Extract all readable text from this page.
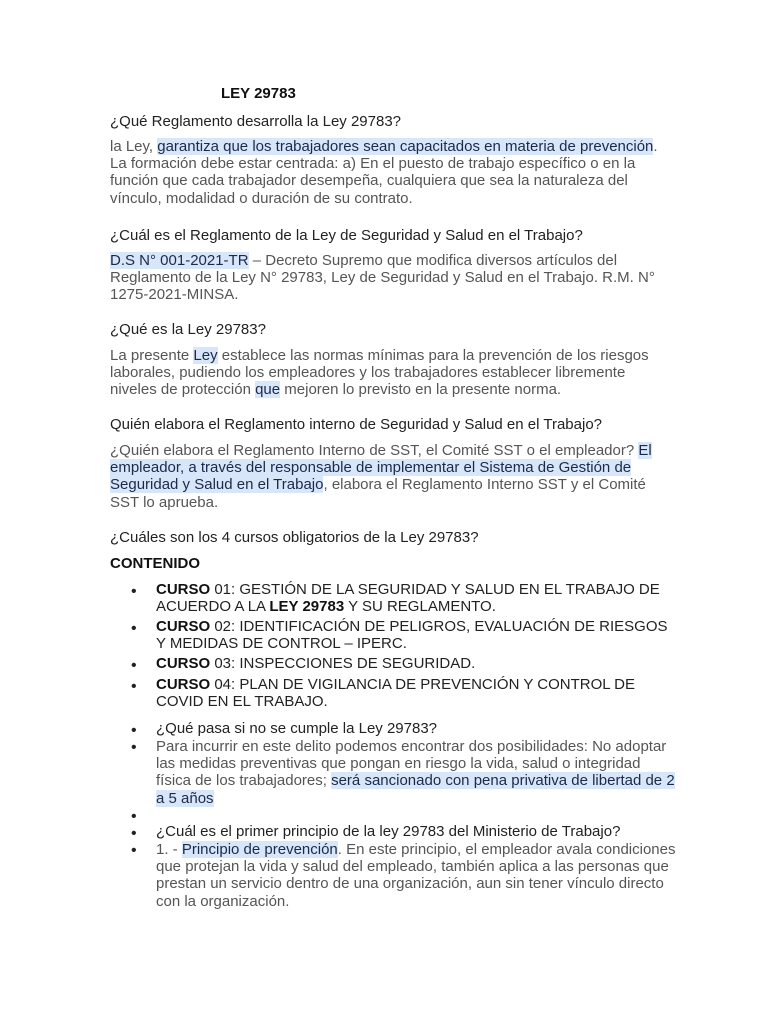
LEY 29783
¿Qué Reglamento desarrolla la Ley 29783?
la Ley, garantiza que los trabajadores sean capacitados en materia de prevención. La formación debe estar centrada: a) En el puesto de trabajo específico o en la función que cada trabajador desempeña, cualquiera que sea la naturaleza del vínculo, modalidad o duración de su contrato.
¿Cuál es el Reglamento de la Ley de Seguridad y Salud en el Trabajo?
D.S N° 001-2021-TR – Decreto Supremo que modifica diversos artículos del Reglamento de la Ley N° 29783, Ley de Seguridad y Salud en el Trabajo. R.M. N° 1275-2021-MINSA.
¿Qué es la Ley 29783?
La presente Ley establece las normas mínimas para la prevención de los riesgos laborales, pudiendo los empleadores y los trabajadores establecer libremente niveles de protección que mejoren lo previsto en la presente norma.
Quién elabora el Reglamento interno de Seguridad y Salud en el Trabajo?
¿Quién elabora el Reglamento Interno de SST, el Comité SST o el empleador? El empleador, a través del responsable de implementar el Sistema de Gestión de Seguridad y Salud en el Trabajo, elabora el Reglamento Interno SST y el Comité SST lo aprueba.
¿Cuáles son los 4 cursos obligatorios de la Ley 29783?
CONTENIDO
• CURSO 01: GESTIÓN DE LA SEGURIDAD Y SALUD EN EL TRABAJO DE ACUERDO A LA LEY 29783 Y SU REGLAMENTO.
• CURSO 02: IDENTIFICACIÓN DE PELIGROS, EVALUACIÓN DE RIESGOS Y MEDIDAS DE CONTROL – IPERC.
• CURSO 03: INSPECCIONES DE SEGURIDAD.
• CURSO 04: PLAN DE VIGILANCIA DE PREVENCIÓN Y CONTROL DE COVID EN EL TRABAJO.
• ¿Qué pasa si no se cumple la Ley 29783?
• Para incurrir en este delito podemos encontrar dos posibilidades: No adoptar las medidas preventivas que pongan en riesgo la vida, salud o integridad física de los trabajadores; será sancionado con pena privativa de libertad de 2 a 5 años
•
• ¿Cuál es el primer principio de la ley 29783 del Ministerio de Trabajo?
• 1. - Principio de prevención. En este principio, el empleador avala condiciones que protejan la vida y salud del empleado, también aplica a las personas que prestan un servicio dentro de una organización, aun sin tener vínculo directo con la organización.
